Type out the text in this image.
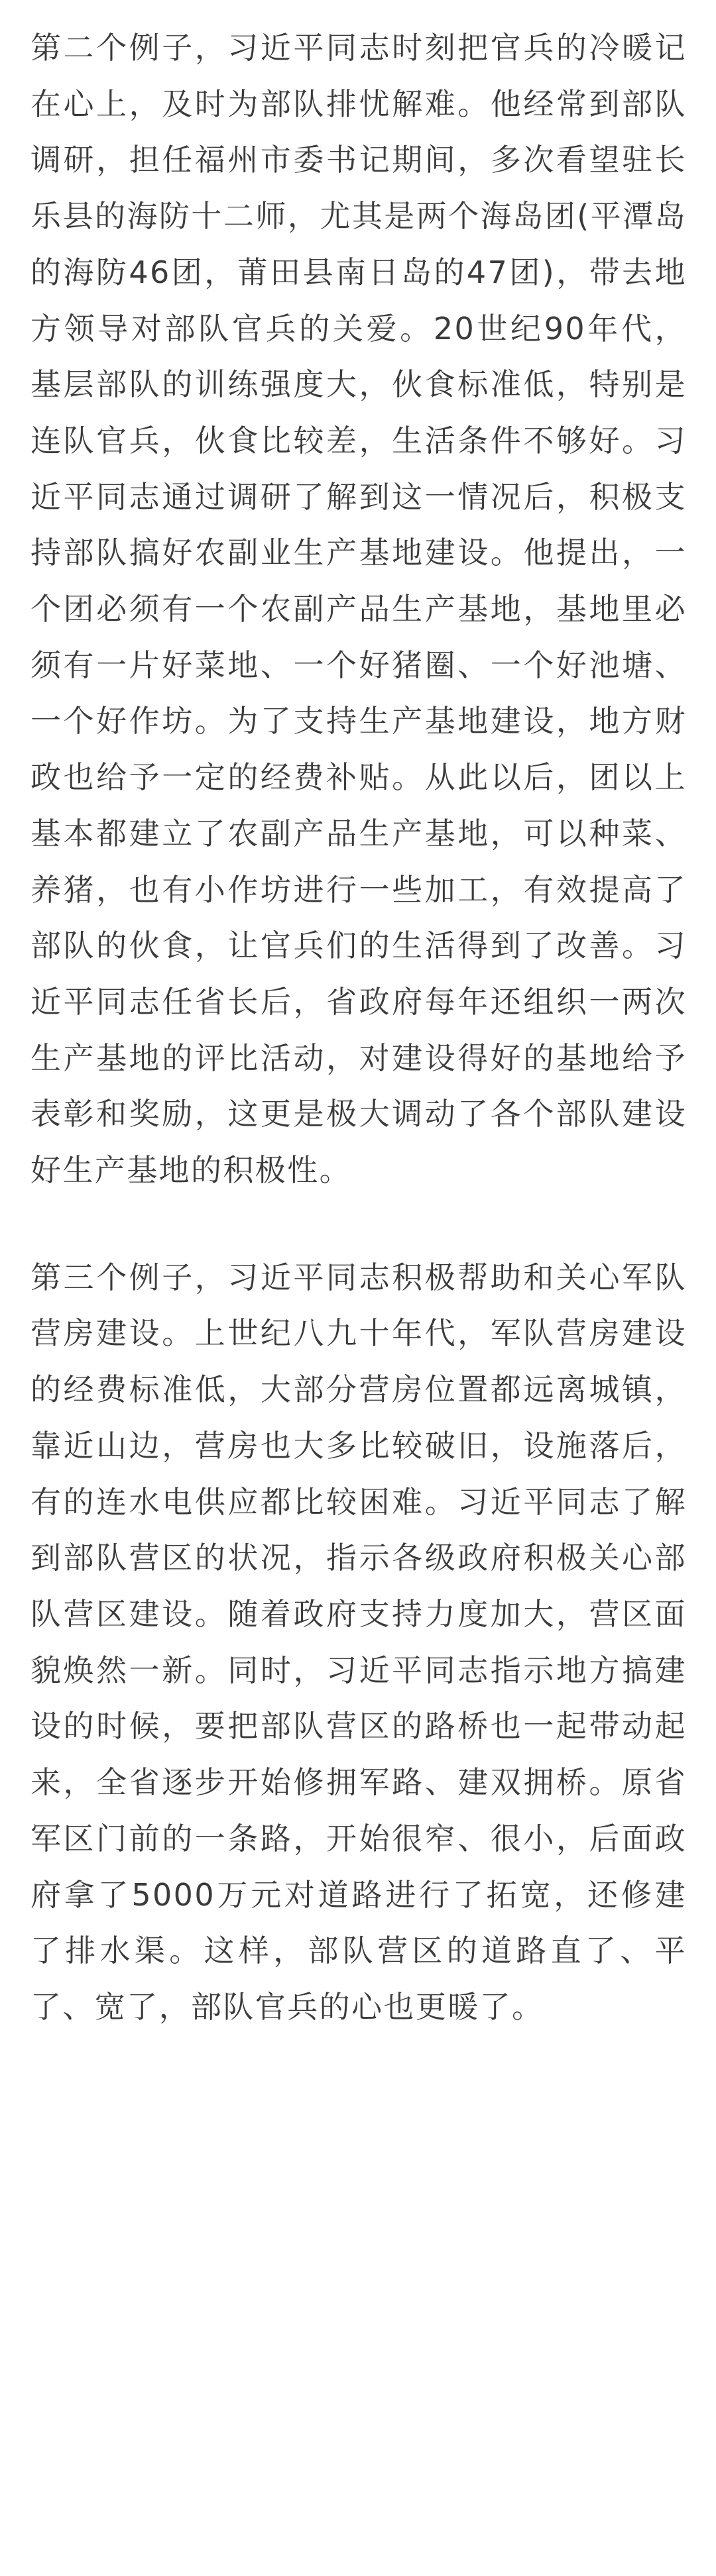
第二个例子，习近平同志时刻把官兵的冷暖记在心上，及时为部队排忧解难。他经常到部队调研，担任福州市委书记期间，多次看望驻长乐县的海防十二师，尤其是两个海岛团(平潭岛的海防46团，莆田县南日岛的47团)，带去地方领导对部队官兵的关爱。20世纪90年代，基层部队的训练强度大，伙食标准低，特别是连队官兵，伙食比较差，生活条件不够好。习近平同志通过调研了解到这一情况后，积极支持部队搞好农副业生产基地建设。他提出，一个团必须有一个农副产品生产基地，基地里必须有一片好菜地、一个好猪圈、一个好池塘、一个好作坊。为了支持生产基地建设，地方财政也给予一定的经费补贴。从此以后，团以上基本都建立了农副产品生产基地，可以种菜、养猪，也有小作坊进行一些加工，有效提高了部队的伙食，让官兵们的生活得到了改善。习近平同志任省长后，省政府每年还组织一两次生产基地的评比活动，对建设得好的基地给予表彰和奖励，这更是极大调动了各个部队建设好生产基地的积极性。

第三个例子，习近平同志积极帮助和关心军队营房建设。上世纪八九十年代，军队营房建设的经费标准低，大部分营房位置都远离城镇，靠近山边，营房也大多比较破旧，设施落后，有的连水电供应都比较困难。习近平同志了解到部队营区的状况，指示各级政府积极关心部队营区建设。随着政府支持力度加大，营区面貌焕然一新。同时，习近平同志指示地方搞建设的时候，要把部队营区的路桥也一起带动起来，全省逐步开始修拥军路、建双拥桥。原省军区门前的一条路，开始很窄、很小，后面政府拿了5000万元对道路进行了拓宽，还修建了排水渠。这样，部队营区的道路直了、平了、宽了，部队官兵的心也更暖了。
